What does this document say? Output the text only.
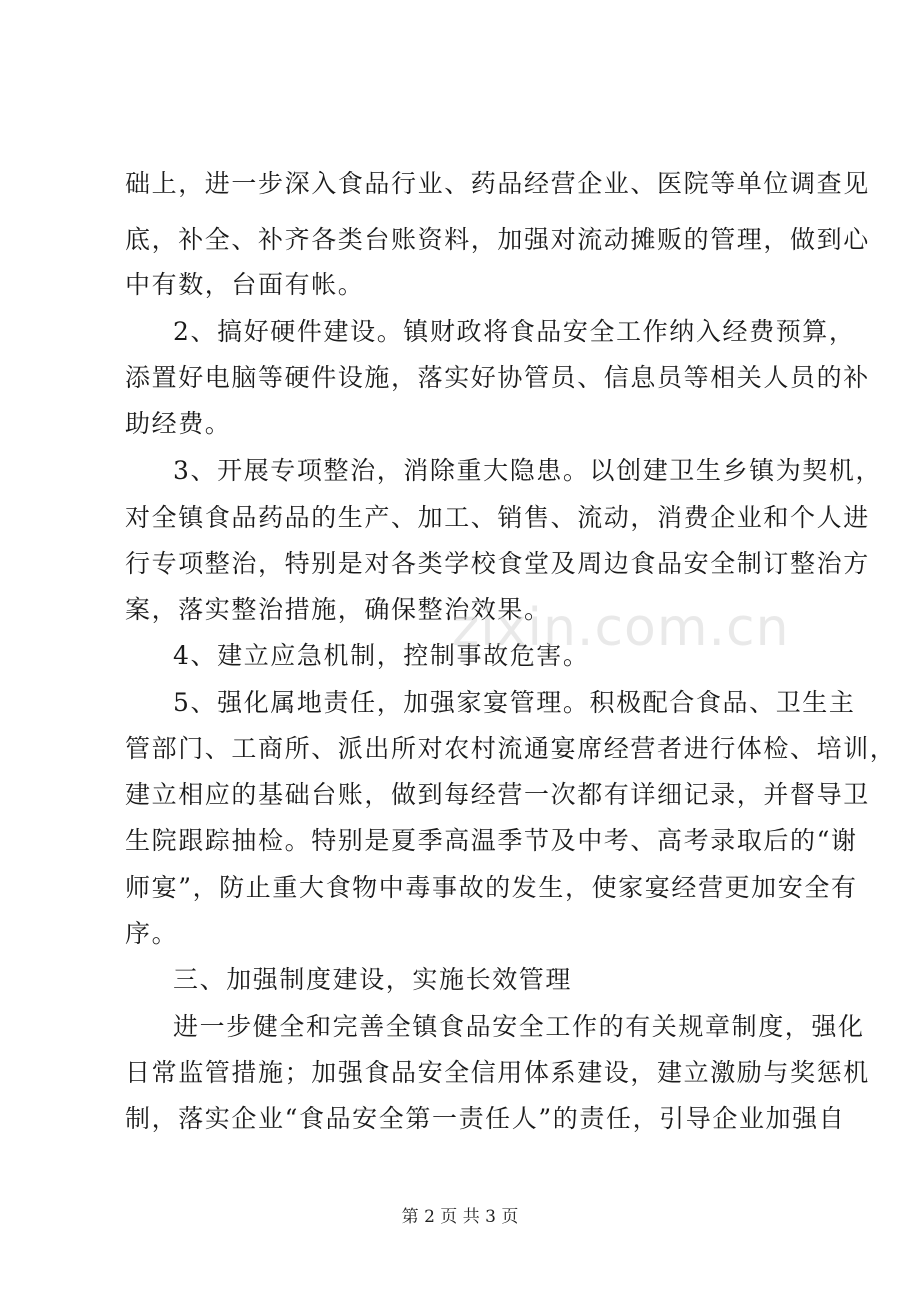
础上，进一步深入食品行业、药品经营企业、医院等单位调查见
底，补全、补齐各类台账资料，加强对流动摊贩的管理，做到心
中有数，台面有帐。
2、搞好硬件建设。镇财政将食品安全工作纳入经费预算，
添置好电脑等硬件设施，落实好协管员、信息员等相关人员的补
助经费。
3、开展专项整治，消除重大隐患。以创建卫生乡镇为契机，
对全镇食品药品的生产、加工、销售、流动，消费企业和个人进
行专项整治，特别是对各类学校食堂及周边食品安全制订整治方
案，落实整治措施，确保整治效果。
4、建立应急机制，控制事故危害。
5、强化属地责任，加强家宴管理。积极配合食品、卫生主
管部门、工商所、派出所对农村流通宴席经营者进行体检、培训，
建立相应的基础台账，做到每经营一次都有详细记录，并督导卫
生院跟踪抽检。特别是夏季高温季节及中考、高考录取后的“谢
师宴”，防止重大食物中毒事故的发生，使家宴经营更加安全有
序。
三、加强制度建设，实施长效管理
进一步健全和完善全镇食品安全工作的有关规章制度，强化
日常监管措施；加强食品安全信用体系建设，建立激励与奖惩机
制，落实企业“食品安全第一责任人”的责任，引导企业加强自
zixin.com.cn
第 2 页 共 3 页
